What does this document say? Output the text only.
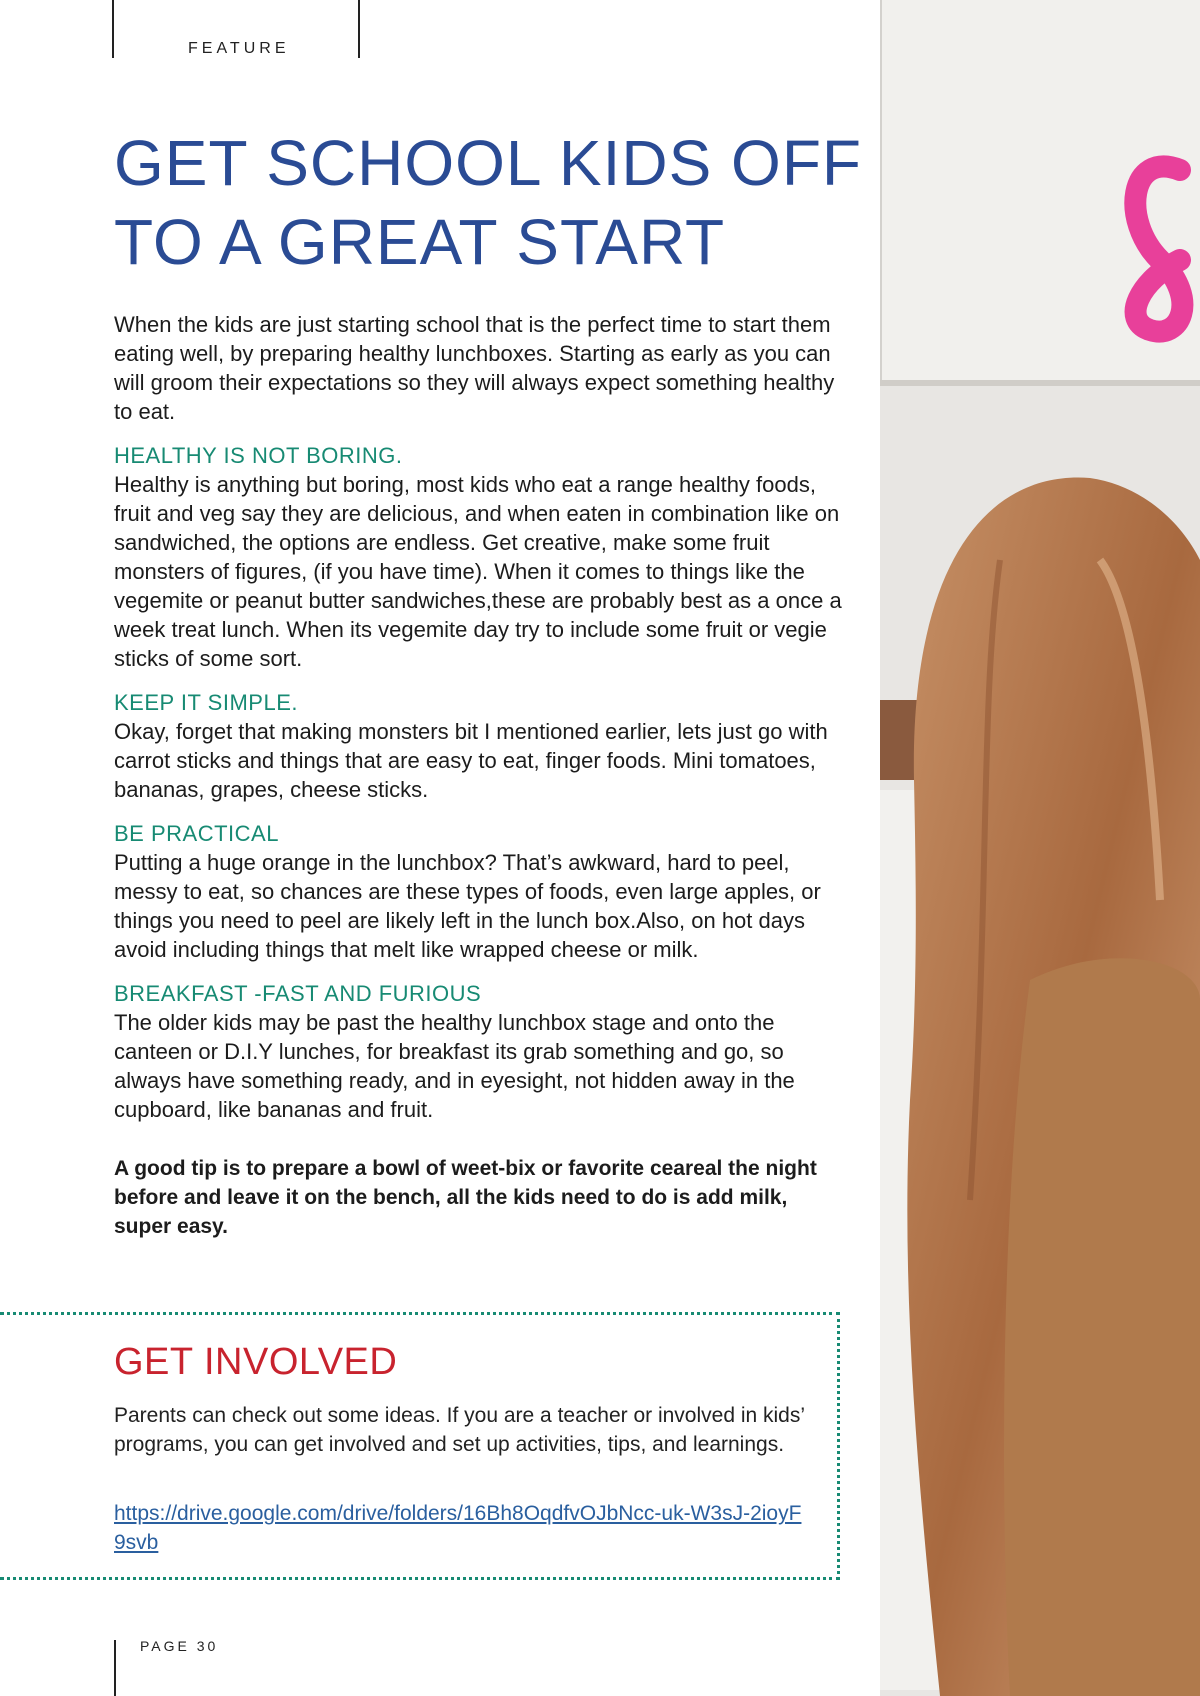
FEATURE
GET SCHOOL KIDS OFF
TO A GREAT START

When the kids are just starting school that is the perfect time to start them eating well, by preparing healthy lunchboxes. Starting as early as you can will groom their expectations so they will always expect something healthy to eat.

HEALTHY IS NOT BORING.

Healthy is anything but boring, most kids who eat a range healthy foods, fruit and veg say they are delicious, and when eaten in combination like on sandwiched, the options are endless. Get creative, make some fruit monsters of figures, (if you have time). When it comes to things like the vegemite or peanut butter sandwiches,these are probably best as a once a week treat lunch. When its vegemite day try to include some fruit or vegie sticks of some sort.

KEEP IT SIMPLE.

Okay, forget that making monsters bit I mentioned earlier, lets just go with carrot sticks and things that are easy to eat, finger foods. Mini tomatoes, bananas, grapes, cheese sticks.

BE PRACTICAL

Putting a huge orange in the lunchbox? That’s awkward, hard to peel, messy to eat, so chances are these types of foods, even large apples, or things you need to peel are likely left in the lunch box.Also, on hot days avoid including things that melt like wrapped cheese or milk.

BREAKFAST -FAST AND FURIOUS

The older kids may be past the healthy lunchbox stage and onto the canteen or D.I.Y lunches, for breakfast its grab something and go, so always have something ready, and in eyesight, not hidden away in the cupboard, like bananas and fruit.

A good tip is to prepare a bowl of weet-bix or favorite ceareal the night before and leave it on the bench, all the kids need to do is add milk, super easy.

GET INVOLVED

Parents can check out some ideas. If you are a teacher or involved in kids’ programs, you can get involved and set up activities, tips, and learnings.

https://drive.google.com/drive/folders/16Bh8OqdfvOJbNcc-uk-W3sJ-2ioyF9svb
PAGE 30
